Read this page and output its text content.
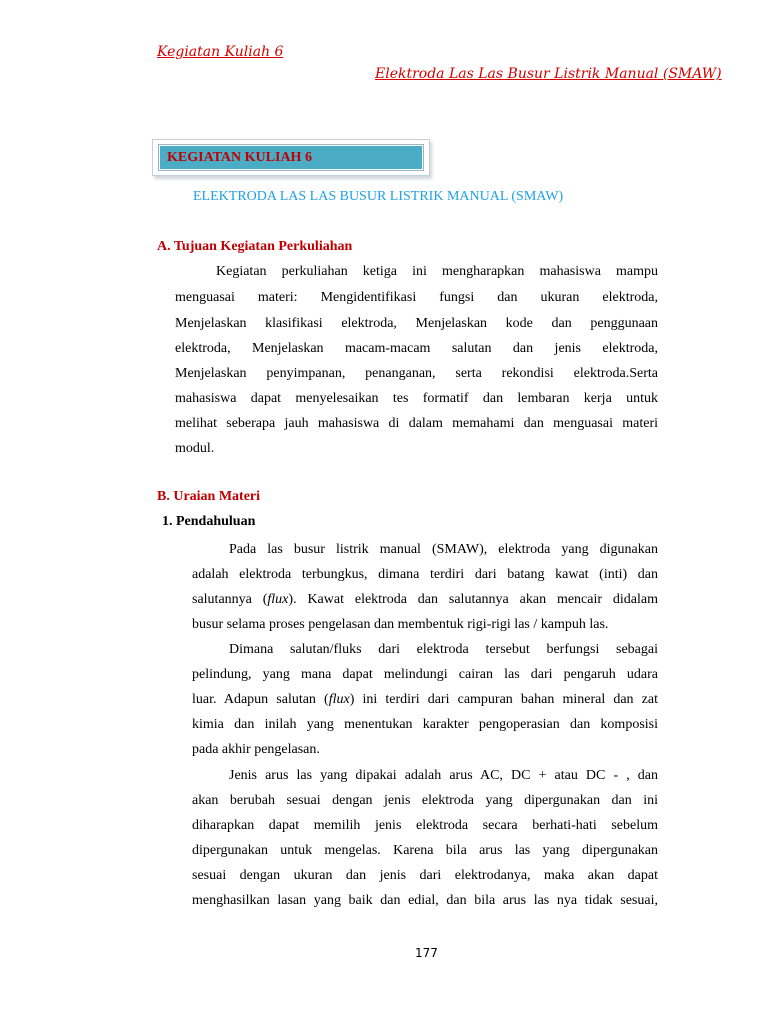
Kegiatan Kuliah 6
Elektroda Las Las Busur Listrik Manual (SMAW)
KEGIATAN KULIAH 6
ELEKTRODA LAS LAS BUSUR LISTRIK MANUAL (SMAW)
A. Tujuan Kegiatan Perkuliahan
Kegiatan perkuliahan ketiga ini mengharapkan mahasiswa mampu
menguasai materi: Mengidentifikasi fungsi dan ukuran elektroda,
Menjelaskan klasifikasi elektroda, Menjelaskan kode dan penggunaan
elektroda, Menjelaskan macam-macam salutan dan jenis elektroda,
Menjelaskan penyimpanan, penanganan, serta rekondisi elektroda.Serta
mahasiswa dapat menyelesaikan tes formatif dan lembaran kerja untuk
melihat seberapa jauh mahasiswa di dalam memahami dan menguasai materi
modul.
B. Uraian Materi
1. Pendahuluan
Pada las busur listrik manual (SMAW), elektroda yang digunakan
adalah elektroda terbungkus, dimana terdiri dari batang kawat (inti) dan
salutannya (flux). Kawat elektroda dan salutannya akan mencair didalam
busur selama proses pengelasan dan membentuk rigi-rigi las / kampuh las.
Dimana salutan/fluks dari elektroda tersebut berfungsi sebagai
pelindung, yang mana dapat melindungi cairan las dari pengaruh udara
luar. Adapun salutan (flux) ini terdiri dari campuran bahan mineral dan zat
kimia dan inilah yang menentukan karakter pengoperasian dan komposisi
pada akhir pengelasan.
Jenis arus las yang dipakai adalah arus AC, DC + atau DC - , dan
akan berubah sesuai dengan jenis elektroda yang dipergunakan dan ini
diharapkan dapat memilih jenis elektroda secara berhati-hati sebelum
dipergunakan untuk mengelas. Karena bila arus las yang dipergunakan
sesuai dengan ukuran dan jenis dari elektrodanya, maka akan dapat
menghasilkan lasan yang baik dan edial, dan bila arus las nya tidak sesuai,
177
